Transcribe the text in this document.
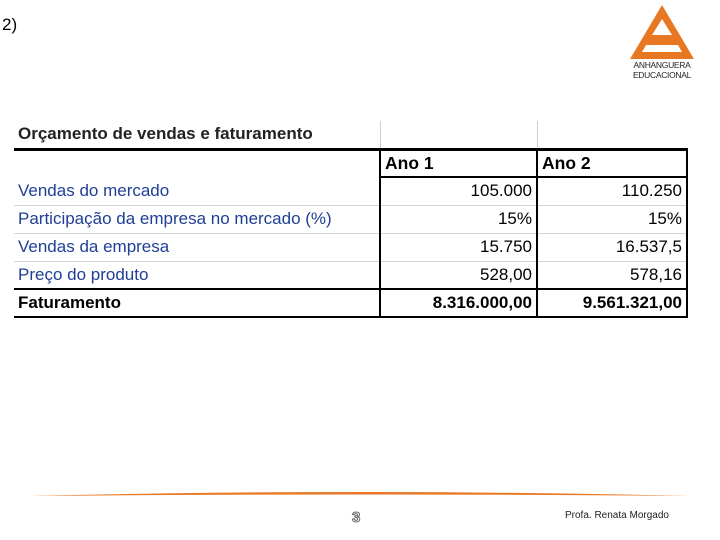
2)
ANHANGUERA
EDUCACIONAL
Orçamento de vendas e faturamento		
	Ano 1	Ano 2
Vendas do mercado	105.000	110.250
Participação da empresa no mercado (%)	15%	15%
Vendas da empresa	15.750	16.537,5
Preço do produto	528,00	578,16
Faturamento	8.316.000,00	9.561.321,00
3	Profa. Renata Morgado
